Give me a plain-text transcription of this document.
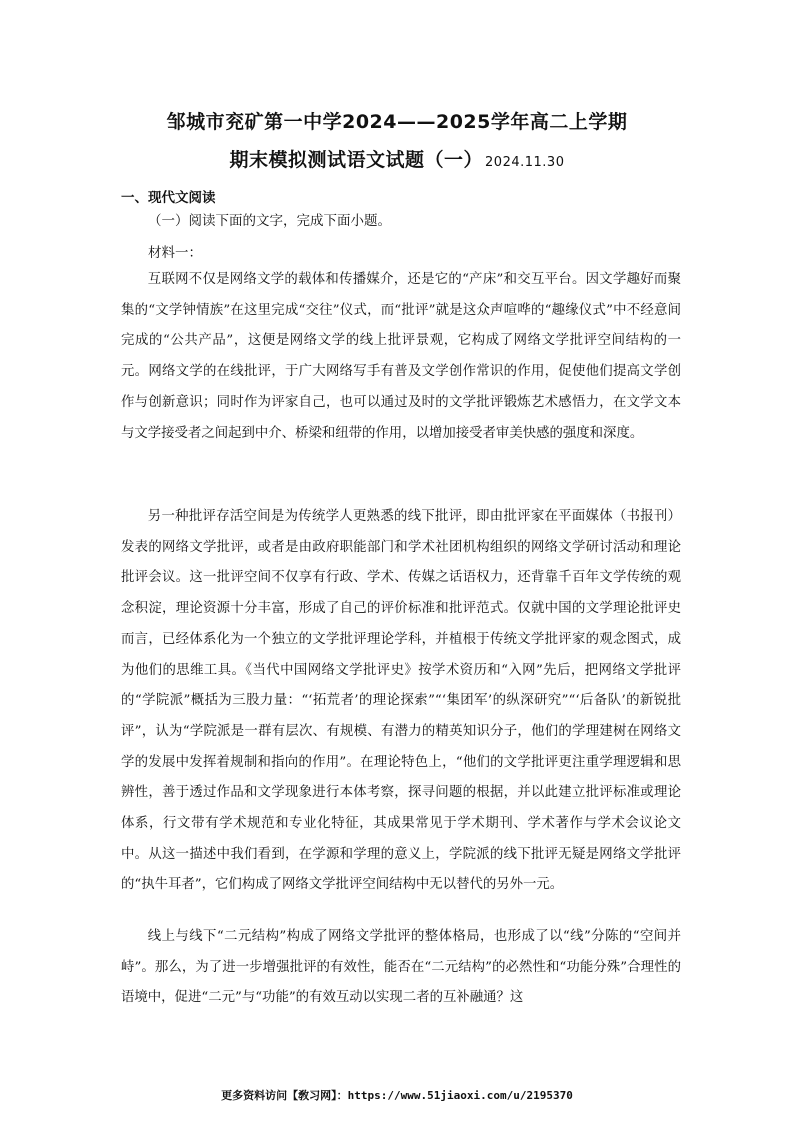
邹城市兖矿第一中学2024——2025学年高二上学期
期末模拟测试语文试题（一） 2024.11.30
一、现代文阅读
（一）阅读下面的文字，完成下面小题。
材料一：

互联网不仅是网络文学的载体和传播媒介，还是它的“产床”和交互平台。因文学趣好而聚集的“文学钟情族”在这里完成“交往”仪式，而“批评”就是这众声喧哗的“趣缘仪式”中不经意间完成的“公共产品”，这便是网络文学的线上批评景观，它构成了网络文学批评空间结构的一元。网络文学的在线批评，于广大网络写手有普及文学创作常识的作用，促使他们提高文学创作与创新意识；同时作为评家自己，也可以通过及时的文学批评锻炼艺术感悟力，在文学文本与文学接受者之间起到中介、桥梁和纽带的作用，以增加接受者审美快感的强度和深度。

另一种批评存活空间是为传统学人更熟悉的线下批评，即由批评家在平面媒体（书报刊）发表的网络文学批评，或者是由政府职能部门和学术社团机构组织的网络文学研讨活动和理论批评会议。这一批评空间不仅享有行政、学术、传媒之话语权力，还背靠千百年文学传统的观念积淀，理论资源十分丰富，形成了自己的评价标准和批评范式。仅就中国的文学理论批评史而言，已经体系化为一个独立的文学批评理论学科，并植根于传统文学批评家的观念图式，成为他们的思维工具。《当代中国网络文学批评史》按学术资历和“入网”先后，把网络文学批评的“学院派”概括为三股力量：“‘拓荒者’的理论探索”“‘集团军’的纵深研究”“‘后备队’的新锐批评”，认为“学院派是一群有层次、有规模、有潜力的精英知识分子，他们的学理建树在网络文学的发展中发挥着规制和指向的作用”。在理论特色上，“他们的文学批评更注重学理逻辑和思辨性，善于透过作品和文学现象进行本体考察，探寻问题的根据，并以此建立批评标准或理论体系，行文带有学术规范和专业化特征，其成果常见于学术期刊、学术著作与学术会议论文中。从这一描述中我们看到，在学源和学理的意义上，学院派的线下批评无疑是网络文学批评的“执牛耳者”，它们构成了网络文学批评空间结构中无以替代的另外一元。

线上与线下“二元结构”构成了网络文学批评的整体格局，也形成了以“线”分陈的“空间并峙”。那么，为了进一步增强批评的有效性，能否在“二元结构”的必然性和“功能分殊”合理性的语境中，促进“二元”与“功能”的有效互动以实现二者的互补融通？这

更多资料访问【敎习网】：https://www.51jiaoxi.com/u/2195370
